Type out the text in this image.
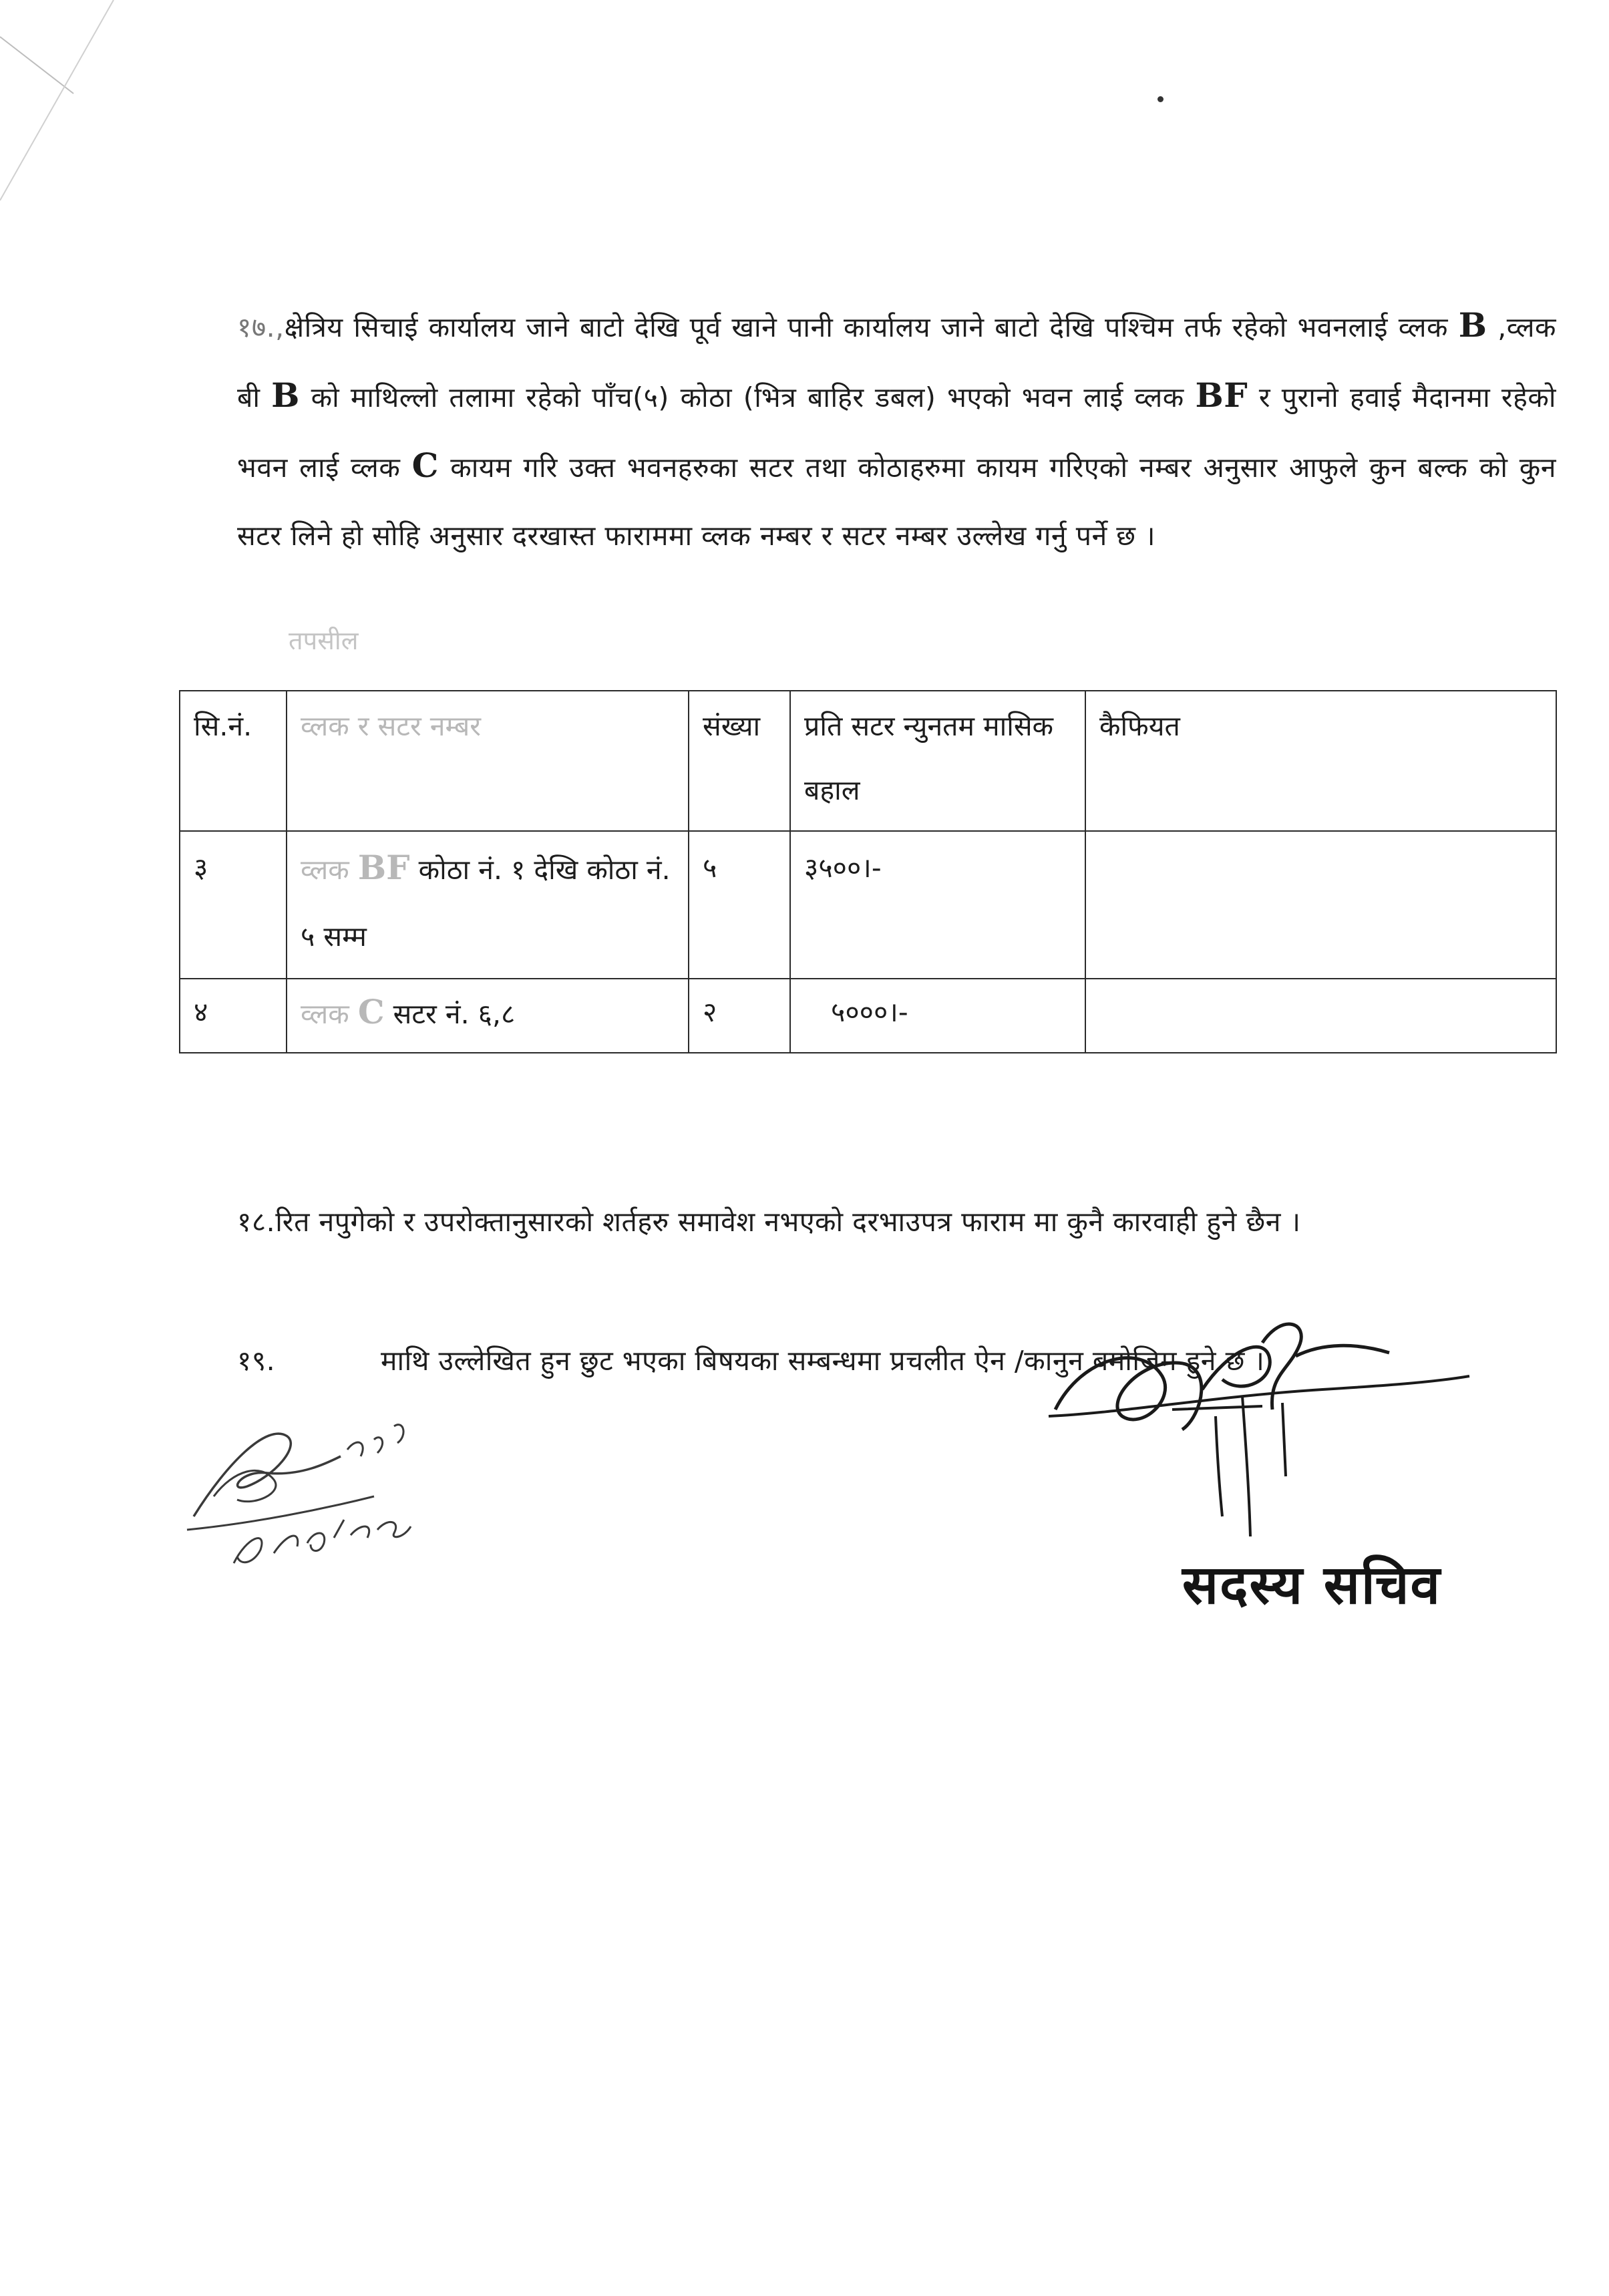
१७.,क्षेत्रिय सिचाई कार्यालय जाने बाटो देखि पूर्व खाने पानी कार्यालय जाने बाटो देखि पश्चिम तर्फ रहेको भवनलाई व्लक B ,व्लक बी B को माथिल्लो तलामा रहेको पाँच(५) कोठा (भित्र बाहिर डबल) भएको भवन लाई व्लक BF र पुरानो हवाई मैदानमा रहेको भवन लाई व्लक C कायम गरि उक्त भवनहरुका सटर तथा कोठाहरुमा कायम गरिएको नम्बर अनुसार आफुले कुन बल्क को कुन सटर लिने हो सोहि अनुसार दरखास्त फाराममा व्लक नम्बर र सटर नम्बर उल्लेख गर्नु पर्ने छ ।

तपसील
सि.नं.	व्लक र सटर नम्बर	संख्या	प्रति सटर न्युनतम मासिक बहाल	कैफियत
३	व्लक BF कोठा नं. १ देखि कोठा नं. ५ सम्म	५	३५००।-	
४	व्लक C सटर नं. ६,८	२	५०००।-	

१८.रित नपुगेको र उपरोक्तानुसारको शर्तहरु समावेश नभएको दरभाउपत्र फाराम मा कुनै कारवाही हुने छैन ।

१९.	माथि उल्लेखित हुन छुट भएका बिषयका सम्बन्धमा प्रचलीत ऐन /कानुन बमोजिम हुने छ ।

सदस्य सचिव
